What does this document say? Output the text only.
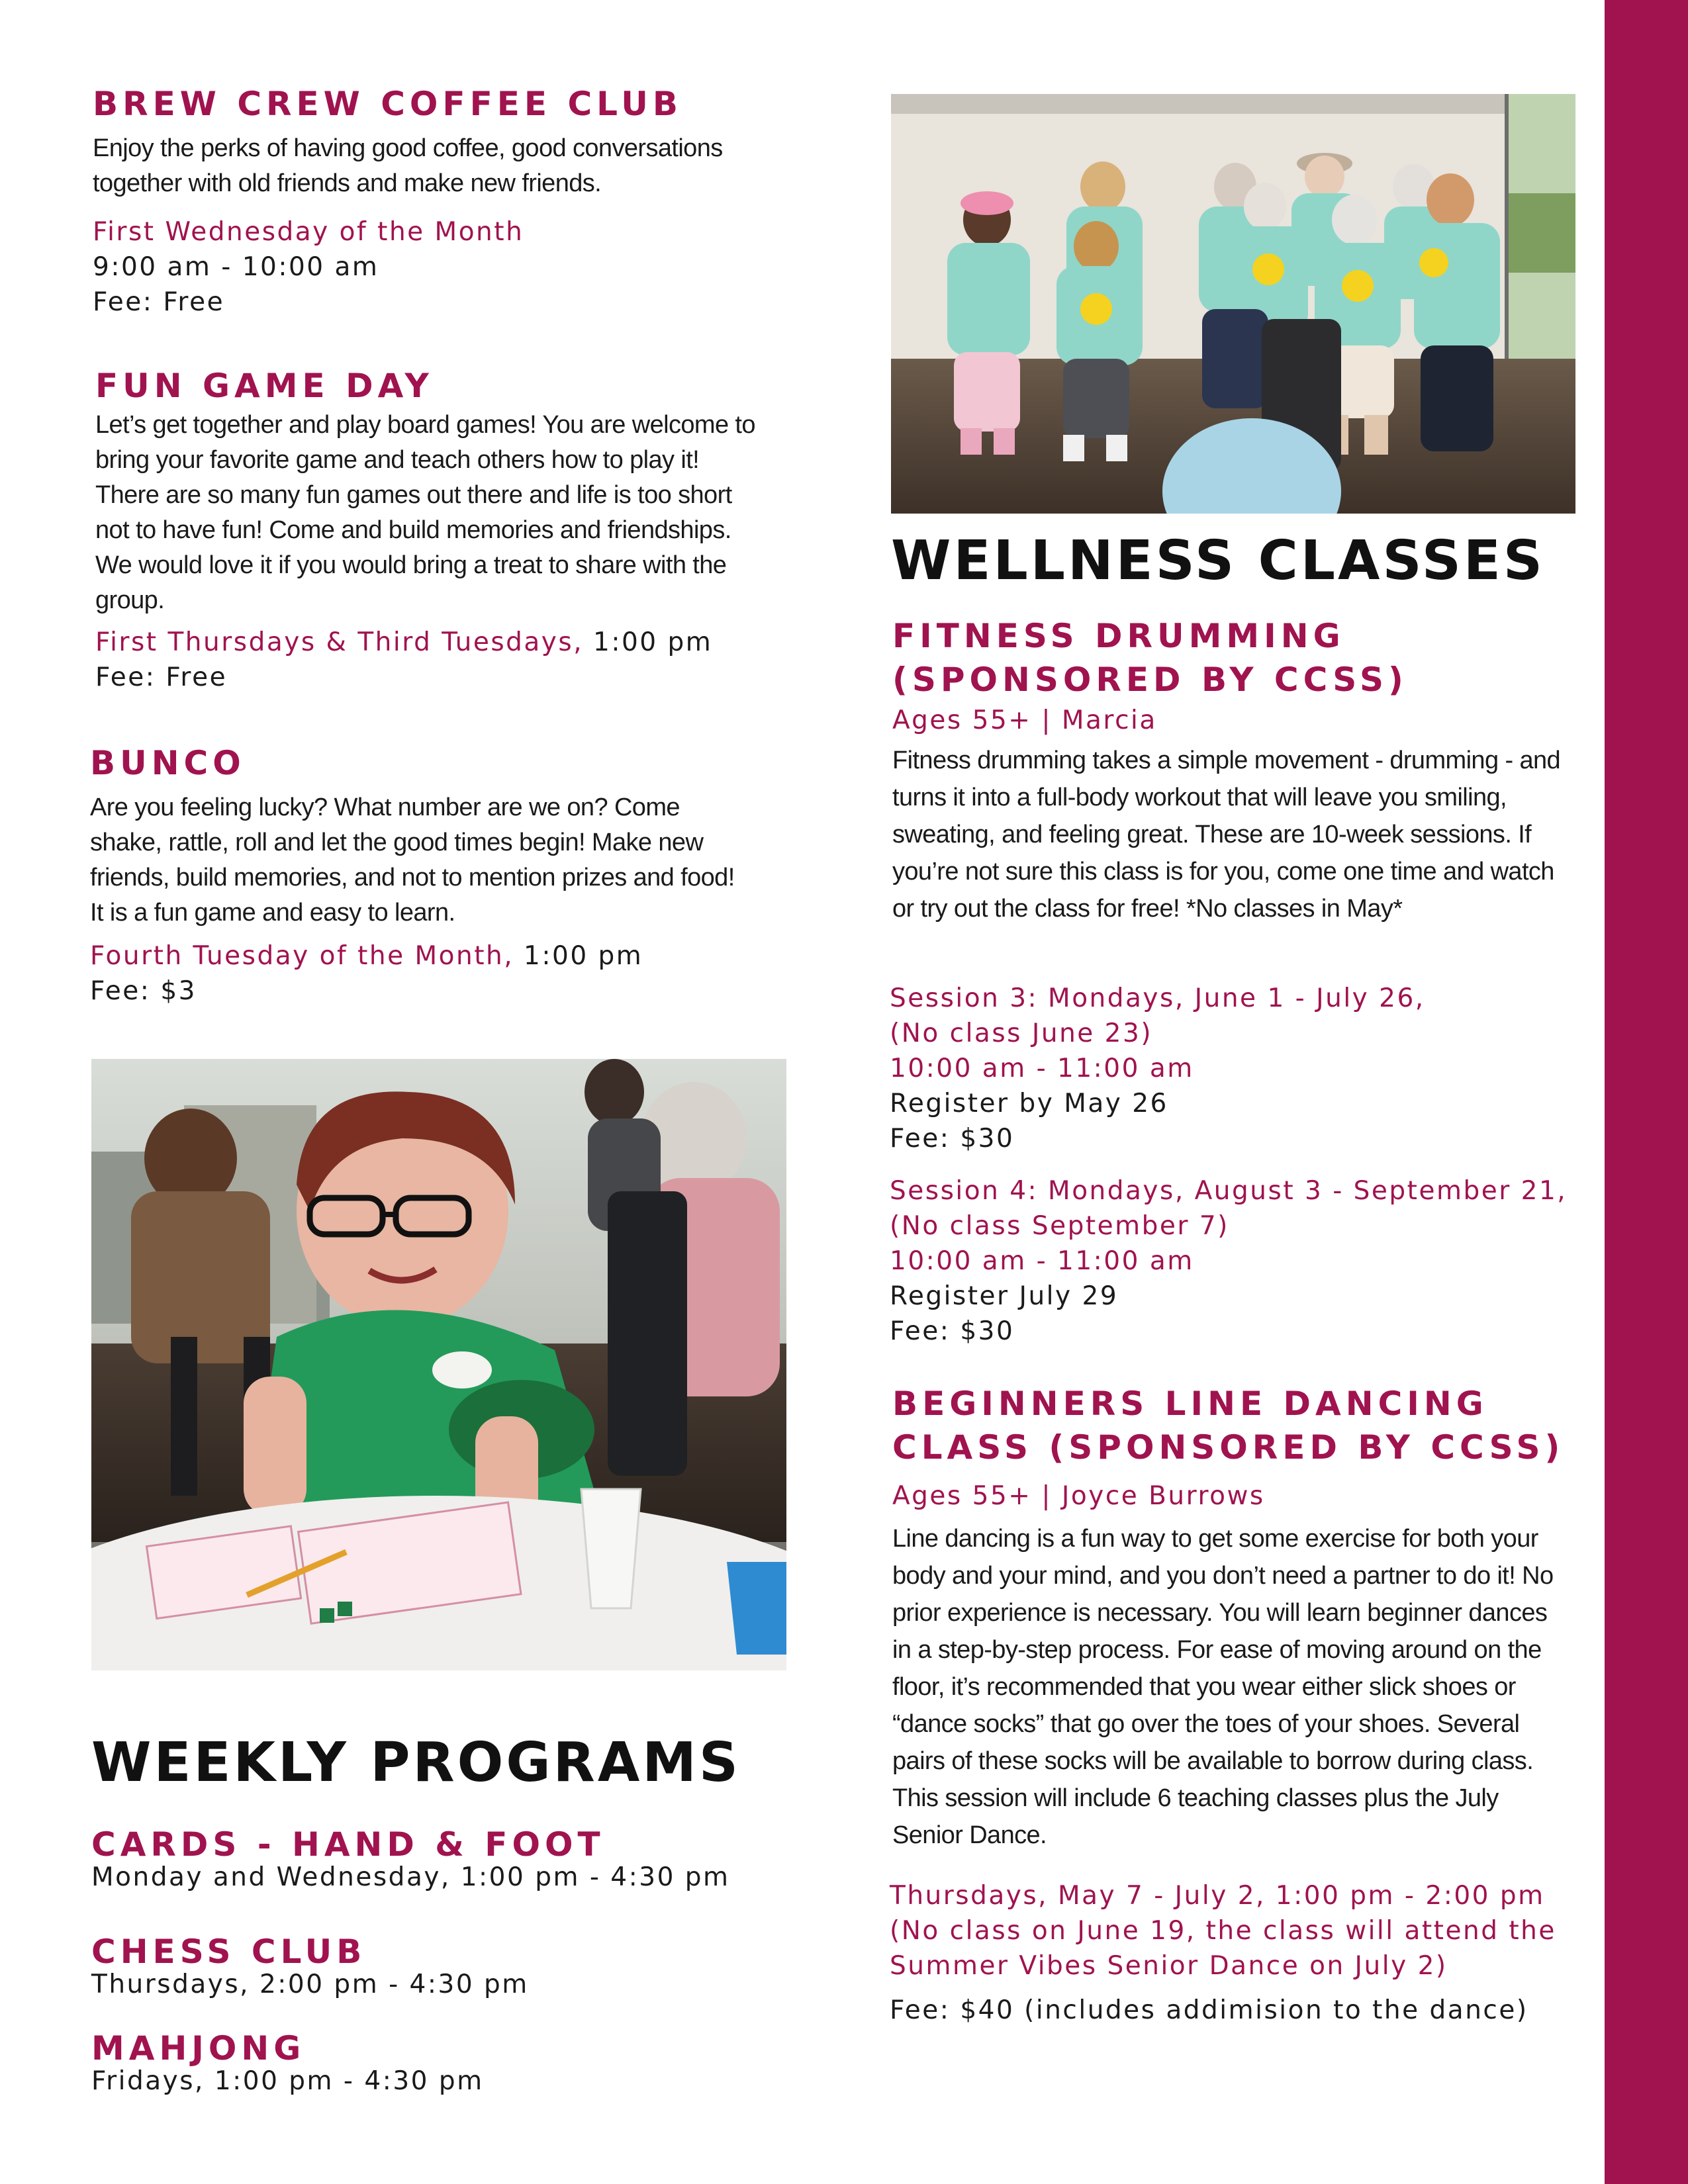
BREW CREW COFFEE CLUB

Enjoy the perks of having good coffee, good conversations together with old friends and make new friends.

First Wednesday of the Month

9:00 am - 10:00 am

Fee: Free

FUN GAME DAY

Let’s get together and play board games! You are welcome to bring your favorite game and teach others how to play it! There are so many fun games out there and life is too short not to have fun! Come and build memories and friendships. We would love it if you would bring a treat to share with the group.

First Thursdays & Third Tuesdays, 1:00 pm

Fee: Free

BUNCO

Are you feeling lucky? What number are we on? Come shake, rattle, roll and let the good times begin! Make new friends, build memories, and not to mention prizes and food! It is a fun game and easy to learn.

Fourth Tuesday of the Month, 1:00 pm

Fee: $3

WEEKLY PROGRAMS
CARDS - HAND & FOOT

Monday and Wednesday, 1:00 pm - 4:30 pm

CHESS CLUB

Thursdays, 2:00 pm - 4:30 pm

MAHJONG

Fridays, 1:00 pm - 4:30 pm

WELLNESS CLASSES
FITNESS DRUMMING
(SPONSORED BY CCSS)

Ages 55+ | Marcia

Fitness drumming takes a simple movement - drumming - and turns it into a full-body workout that will leave you smiling, sweating, and feeling great. These are 10-week sessions. If you’re not sure this class is for you, come one time and watch or try out the class for free! *No classes in May*

Session 3: Mondays, June 1 - July 26,

(No class June 23)

10:00 am - 11:00 am

Register by May 26

Fee: $30

Session 4: Mondays, August 3 - September 21,

(No class September 7)

10:00 am - 11:00 am

Register July 29

Fee: $30

BEGINNERS LINE DANCING
CLASS (SPONSORED BY CCSS)

Ages 55+ | Joyce Burrows

Line dancing is a fun way to get some exercise for both your body and your mind, and you don’t need a partner to do it! No prior experience is necessary. You will learn beginner dances in a step-by-step process. For ease of moving around on the floor, it’s recommended that you wear either slick shoes or “dance socks” that go over the toes of your shoes. Several pairs of these socks will be available to borrow during class. This session will include 6 teaching classes plus the July Senior Dance.

Thursdays, May 7 - July 2, 1:00 pm - 2:00 pm

(No class on June 19, the class will attend the

Summer Vibes Senior Dance on July 2)

Fee: $40 (includes addimision to the dance)
